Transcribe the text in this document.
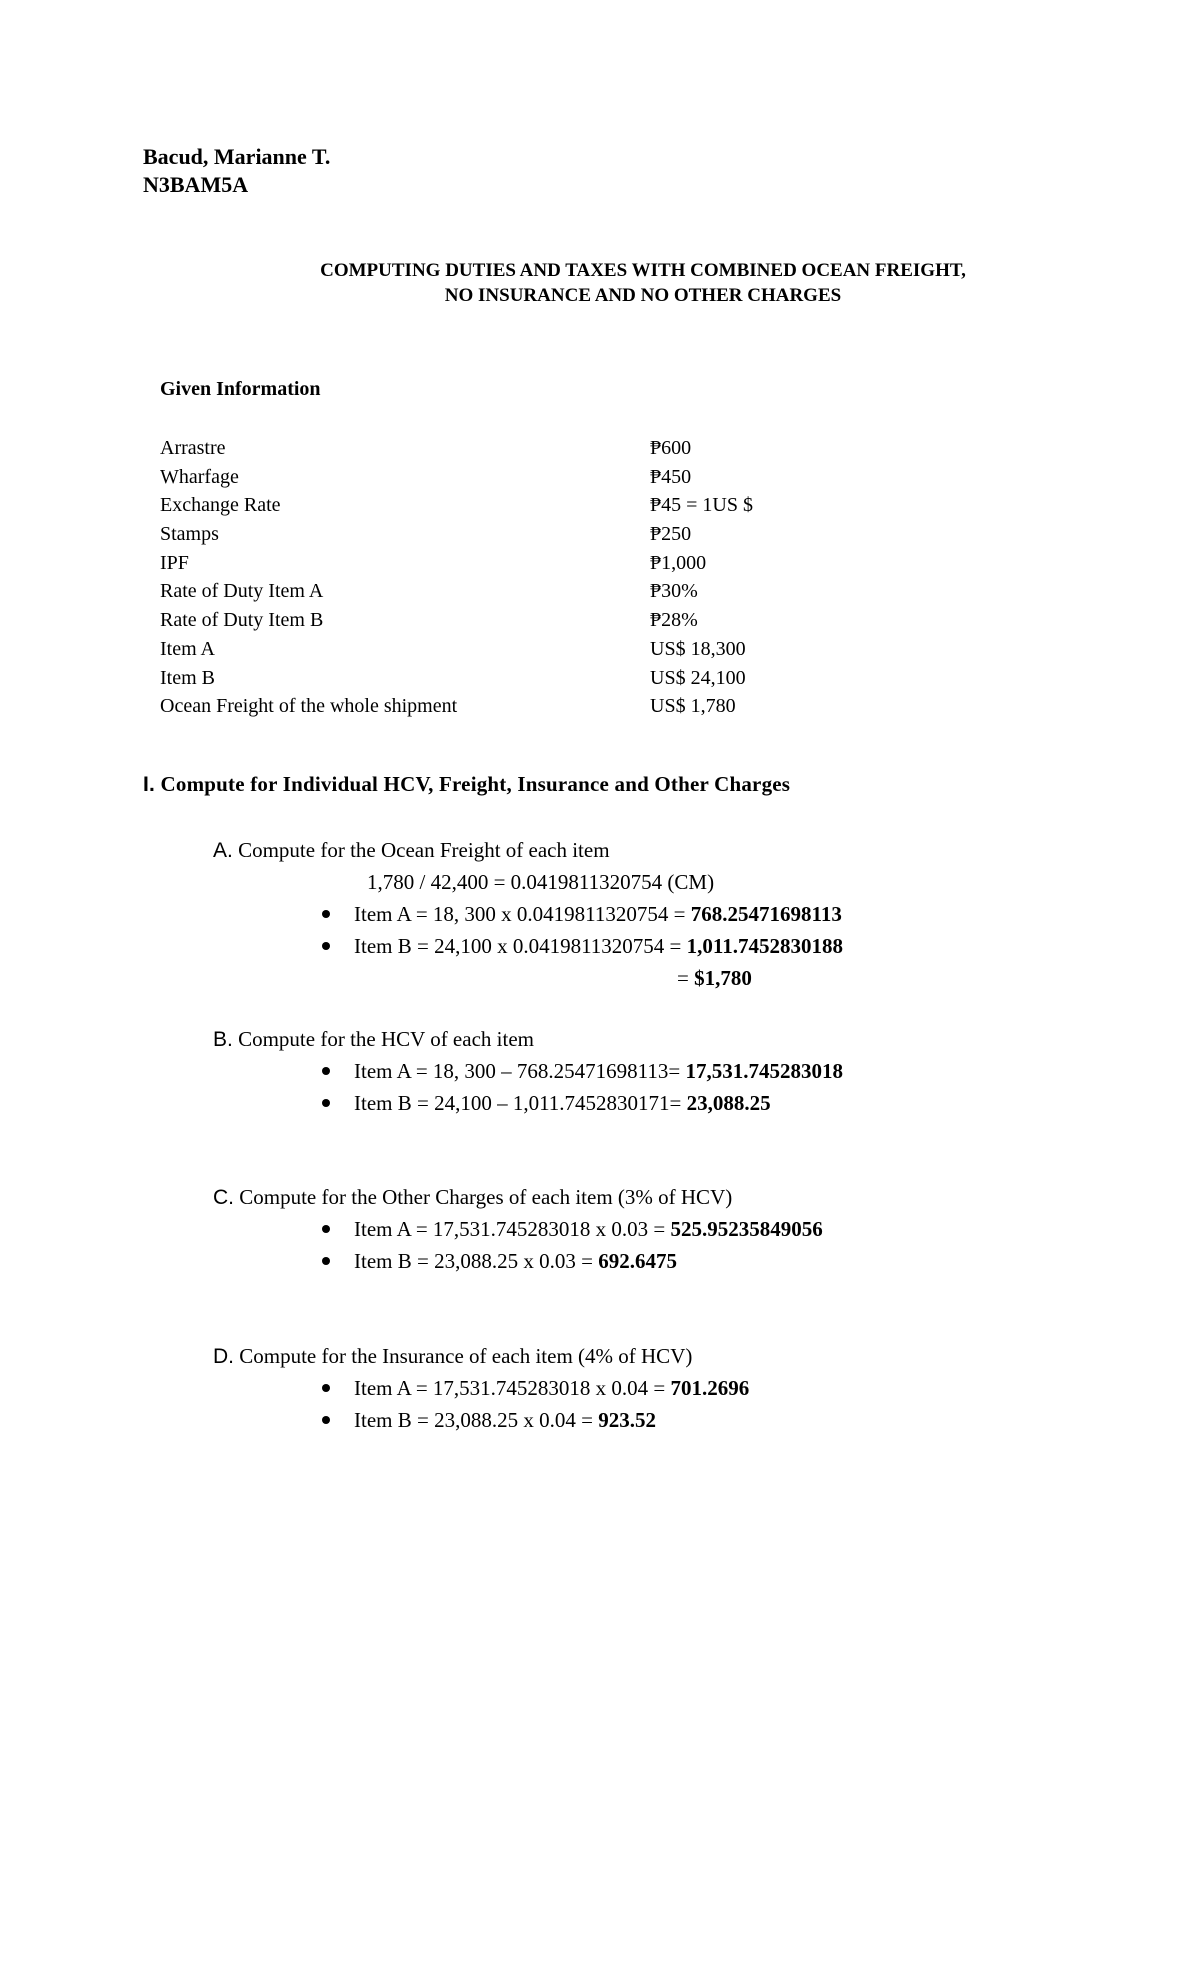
Bacud, Marianne T.
N3BAM5A
COMPUTING DUTIES AND TAXES WITH COMBINED OCEAN FREIGHT,
NO INSURANCE AND NO OTHER CHARGES
Given Information
Arrastre	₱600
Wharfage	₱450
Exchange Rate	₱45 = 1US $
Stamps	₱250
IPF	₱1,000
Rate of Duty Item A	₱30%
Rate of Duty Item B	₱28%
Item A	US$ 18,300
Item B	US$ 24,100
Ocean Freight of the whole shipment	US$ 1,780
I. Compute for Individual HCV, Freight, Insurance and Other Charges
A. Compute for the Ocean Freight of each item
1,780 / 42,400 = 0.0419811320754 (CM)
Item A = 18, 300 x 0.0419811320754 = 768.25471698113
Item B = 24,100 x 0.0419811320754 = 1,011.7452830188
= $1,780
B. Compute for the HCV of each item
Item A = 18, 300 – 768.25471698113= 17,531.745283018
Item B = 24,100 – 1,011.7452830171= 23,088.25
C. Compute for the Other Charges of each item (3% of HCV)
Item A = 17,531.745283018 x 0.03 = 525.95235849056
Item B = 23,088.25 x 0.03 = 692.6475
D. Compute for the Insurance of each item (4% of HCV)
Item A = 17,531.745283018 x 0.04 = 701.2696
Item B = 23,088.25 x 0.04 = 923.52
